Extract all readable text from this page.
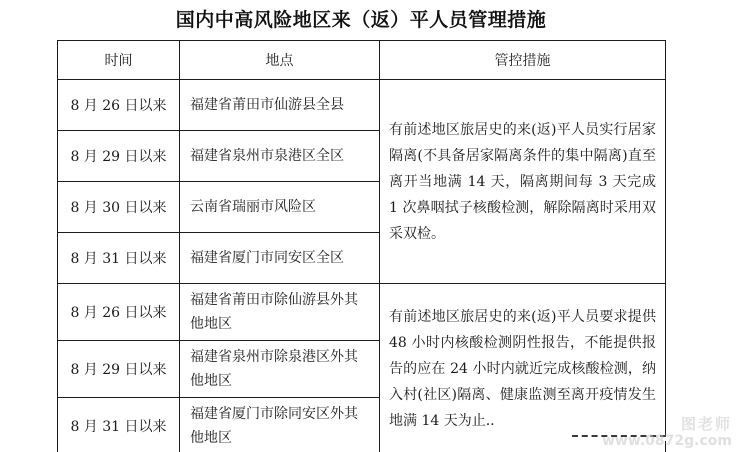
国内中高风险地区来（返）平人员管理措施
时间	地点	管控措施
8 月 26 日以来	福建省莆田市仙游县全县	有前述地区旅居史的来(返)平人员实行居家隔离(不具备居家隔离条件的集中隔离)直至离开当地满 14 天，隔离期间每 3 天完成 1 次鼻咽拭子核酸检测，解除隔离时采用双采双检。
8 月 29 日以来	福建省泉州市泉港区全区	
8 月 30 日以来	云南省瑞丽市风险区	
8 月 31 日以来	福建省厦门市同安区全区	
8 月 26 日以来	福建省莆田市除仙游县外其他地区	有前述地区旅居史的来(返)平人员要求提供 48 小时内核酸检测阴性报告，不能提供报告的应在 24 小时内就近完成核酸检测，纳入村(社区)隔离、健康监测至离开疫情发生地满 14 天为止..
8 月 29 日以来	福建省泉州市除泉港区外其他地区	
8 月 31 日以来	福建省厦门市除同安区外其他地区	
图老师
www.0872g.com
